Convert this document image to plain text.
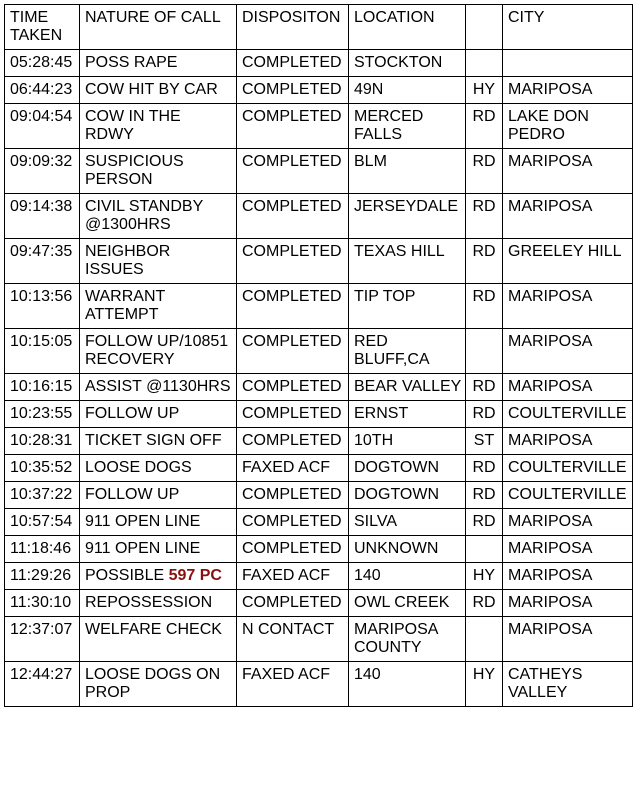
TIME TAKEN	NATURE OF CALL	DISPOSITON	LOCATION		CITY
05:28:45	POSS RAPE	COMPLETED	STOCKTON		
06:44:23	COW HIT BY CAR	COMPLETED	49N	HY	MARIPOSA
09:04:54	COW IN THE RDWY	COMPLETED	MERCED FALLS	RD	LAKE DON PEDRO
09:09:32	SUSPICIOUS PERSON	COMPLETED	BLM	RD	MARIPOSA
09:14:38	CIVIL STANDBY @1300HRS	COMPLETED	JERSEYDALE	RD	MARIPOSA
09:47:35	NEIGHBOR ISSUES	COMPLETED	TEXAS HILL	RD	GREELEY HILL
10:13:56	WARRANT ATTEMPT	COMPLETED	TIP TOP	RD	MARIPOSA
10:15:05	FOLLOW UP/10851 RECOVERY	COMPLETED	RED BLUFF,CA		MARIPOSA
10:16:15	ASSIST @1130HRS	COMPLETED	BEAR VALLEY	RD	MARIPOSA
10:23:55	FOLLOW UP	COMPLETED	ERNST	RD	COULTERVILLE
10:28:31	TICKET SIGN OFF	COMPLETED	10TH	ST	MARIPOSA
10:35:52	LOOSE DOGS	FAXED ACF	DOGTOWN	RD	COULTERVILLE
10:37:22	FOLLOW UP	COMPLETED	DOGTOWN	RD	COULTERVILLE
10:57:54	911 OPEN LINE	COMPLETED	SILVA	RD	MARIPOSA
11:18:46	911 OPEN LINE	COMPLETED	UNKNOWN		MARIPOSA
11:29:26	POSSIBLE 597 PC	FAXED ACF	140	HY	MARIPOSA
11:30:10	REPOSSESSION	COMPLETED	OWL CREEK	RD	MARIPOSA
12:37:07	WELFARE CHECK	N CONTACT	MARIPOSA COUNTY		MARIPOSA
12:44:27	LOOSE DOGS ON PROP	FAXED ACF	140	HY	CATHEYS VALLEY
